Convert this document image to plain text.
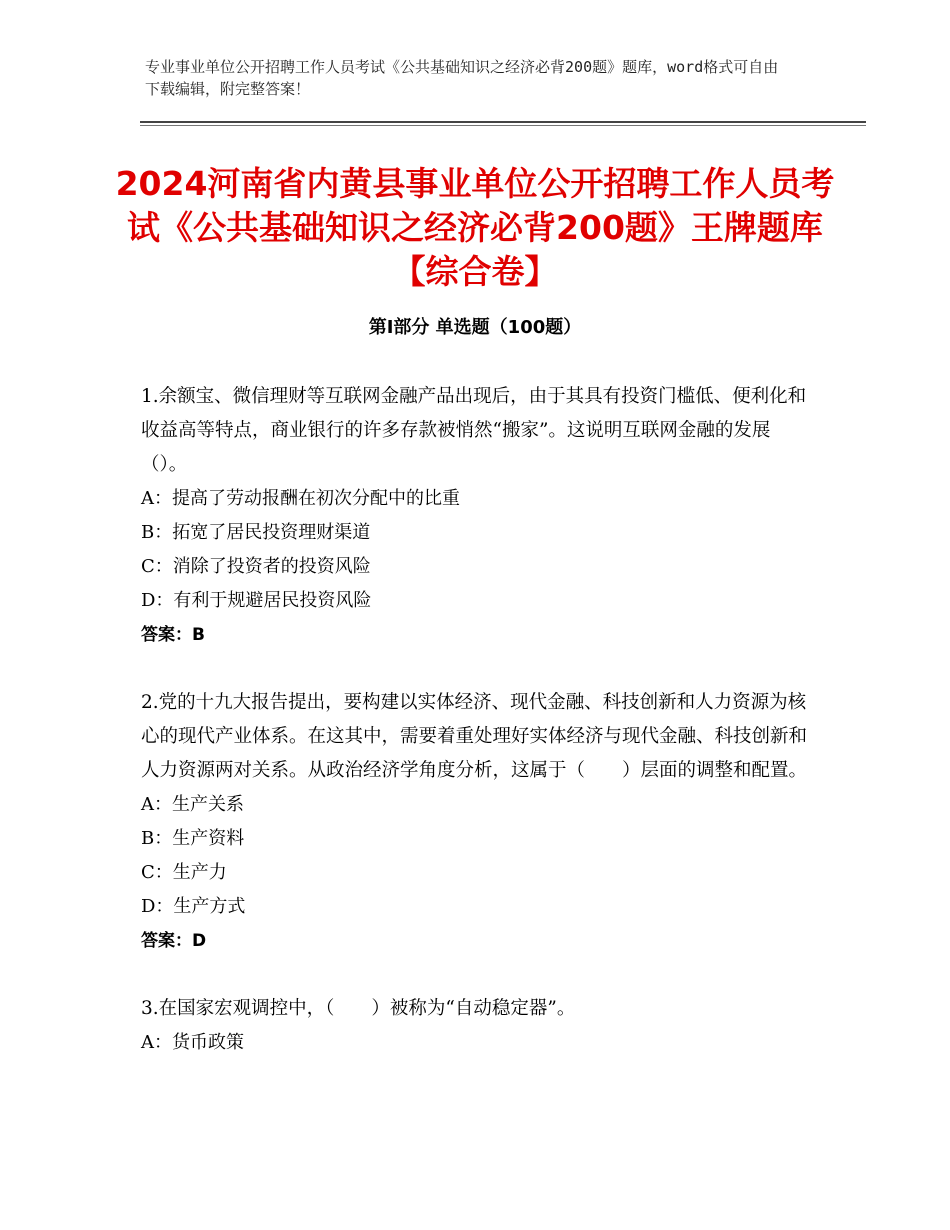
专业事业单位公开招聘工作人员考试《公共基础知识之经济必背200题》题库，word格式可自由下载编辑，附完整答案！
2024河南省内黄县事业单位公开招聘工作人员考试《公共基础知识之经济必背200题》王牌题库【综合卷】
第Ⅰ部分 单选题（100题）

1.余额宝、微信理财等互联网金融产品出现后，由于其具有投资门槛低、便利化和收益高等特点，商业银行的许多存款被悄然“搬家”。这说明互联网金融的发展（）。

A：提高了劳动报酬在初次分配中的比重

B：拓宽了居民投资理财渠道

C：消除了投资者的投资风险

D：有利于规避居民投资风险

答案：B

2.党的十九大报告提出，要构建以实体经济、现代金融、科技创新和人力资源为核心的现代产业体系。在这其中，需要着重处理好实体经济与现代金融、科技创新和人力资源两对关系。从政治经济学角度分析，这属于（　　）层面的调整和配置。

A：生产关系

B：生产资料

C：生产力

D：生产方式

答案：D

3.在国家宏观调控中，（　　）被称为“自动稳定器”。

A：货币政策
